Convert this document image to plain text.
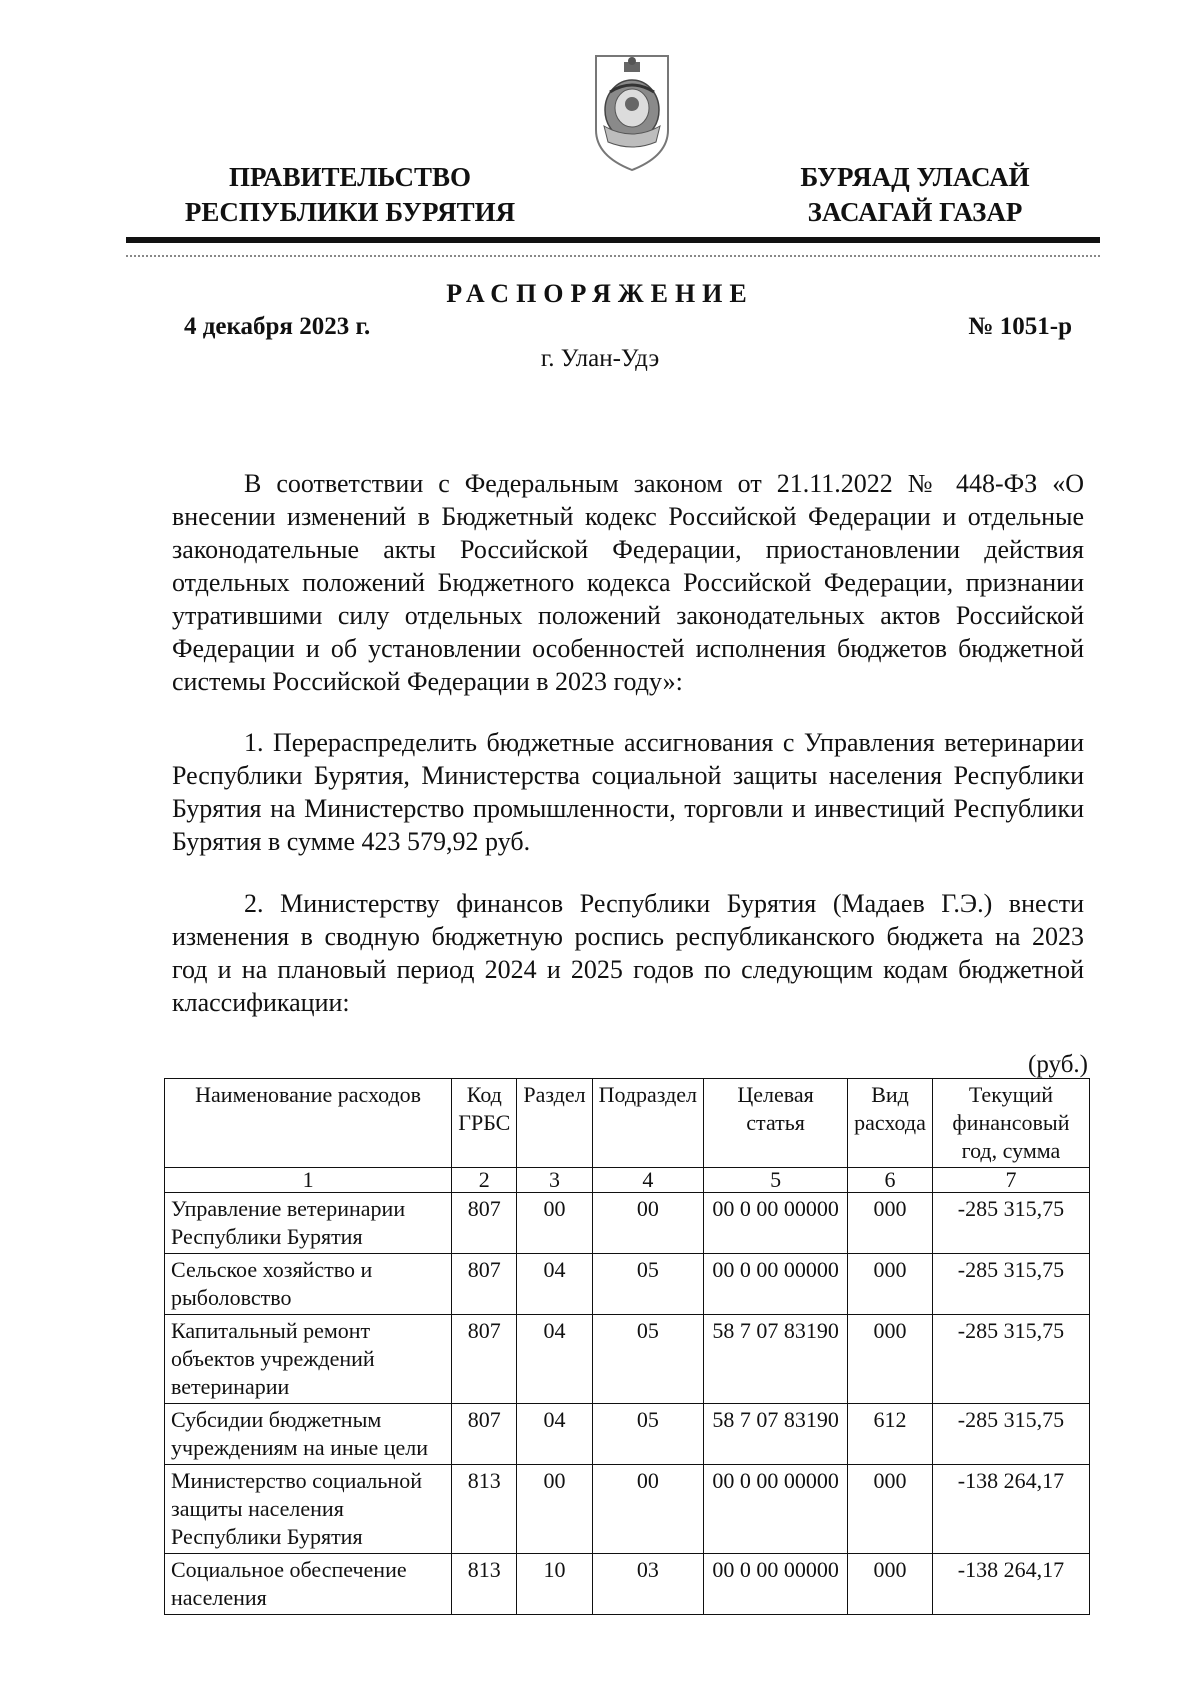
ПРАВИТЕЛЬСТВО
РЕСПУБЛИКИ БУРЯТИЯ
БУРЯАД УЛАСАЙ
ЗАСАГАЙ ГАЗАР
РАСПОРЯЖЕНИЕ
4 декабря 2023 г.	№ 1051-р
г. Улан-Удэ

В соответствии с Федеральным законом от 21.11.2022 № 448-ФЗ «О внесении изменений в Бюджетный кодекс Российской Федерации и отдельные законодательные акты Российской Федерации, приостановлении действия отдельных положений Бюджетного кодекса Российской Федерации, признании утратившими силу отдельных положений законодательных актов Российской Федерации и об установлении особенностей исполнения бюджетов бюджетной системы Российской Федерации в 2023 году»:

1. Перераспределить бюджетные ассигнования с Управления ветеринарии Республики Бурятия, Министерства социальной защиты населения Республики Бурятия на Министерство промышленности, торговли и инвестиций Республики Бурятия в сумме 423 579,92 руб.

2. Министерству финансов Республики Бурятия (Мадаев Г.Э.) внести изменения в сводную бюджетную роспись республиканского бюджета на 2023 год и на плановый период 2024 и 2025 годов по следующим кодам бюджетной классификации:

(руб.)
Наименование расходов	Код ГРБС	Раздел	Подраздел	Целевая статья	Вид расхода	Текущий финансовый год, сумма
1	2	3	4	5	6	7
Управление ветеринарии Республики Бурятия	807	00	00	00 0 00 00000	000	-285 315,75
Сельское хозяйство и рыболовство	807	04	05	00 0 00 00000	000	-285 315,75
Капитальный ремонт объектов учреждений ветеринарии	807	04	05	58 7 07 83190	000	-285 315,75
Субсидии бюджетным учреждениям на иные цели	807	04	05	58 7 07 83190	612	-285 315,75
Министерство социальной защиты населения Республики Бурятия	813	00	00	00 0 00 00000	000	-138 264,17
Социальное обеспечение населения	813	10	03	00 0 00 00000	000	-138 264,17
